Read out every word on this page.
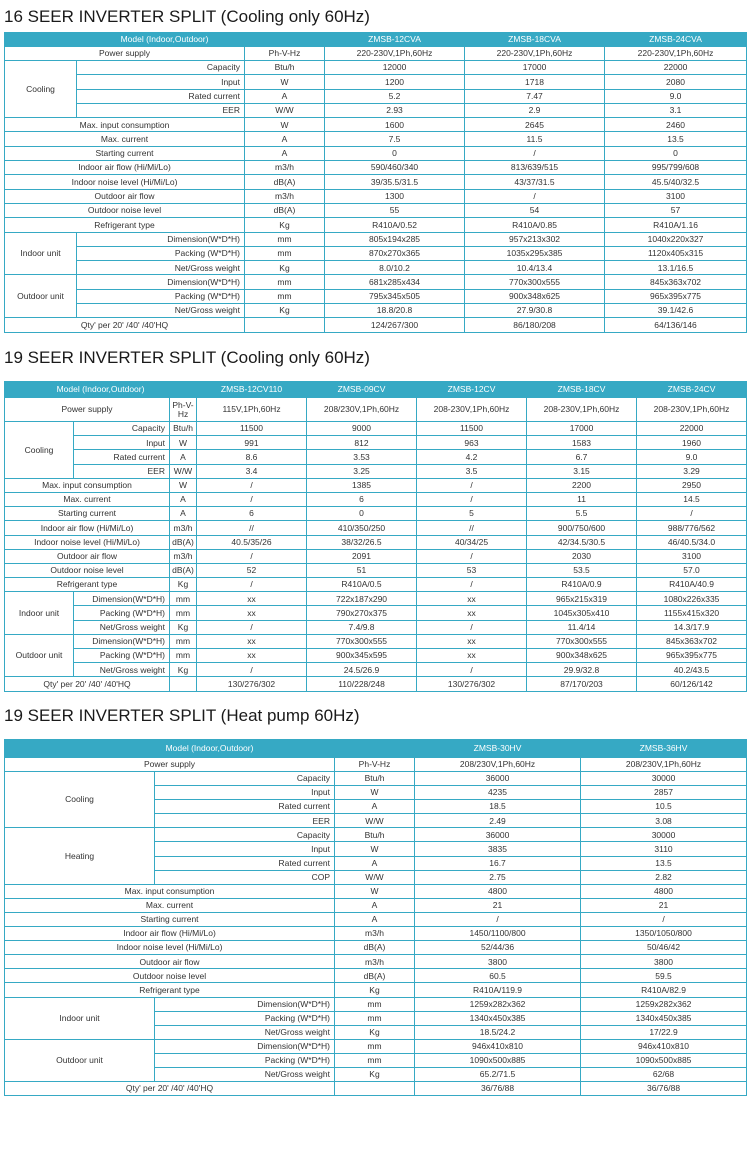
16 SEER INVERTER SPLIT (Cooling only 60Hz)
Model (Indoor,Outdoor)			ZMSB-12CVA	ZMSB-18CVA	ZMSB-24CVA
Power supply		Ph-V-Hz	220-230V,1Ph,60Hz	220-230V,1Ph,60Hz	220-230V,1Ph,60Hz
Cooling	Capacity	Btu/h	12000	17000	22000
	Input	W	1200	1718	2080
	Rated current	A	5.2	7.47	9.0
	EER	W/W	2.93	2.9	3.1
Max. input consumption		W	1600	2645	2460
Max. current		A	7.5	11.5	13.5
Starting current		A	0	/	0
Indoor air flow (Hi/Mi/Lo)		m3/h	590/460/340	813/639/515	995/799/608
Indoor noise level (Hi/Mi/Lo)		dB(A)	39/35.5/31.5	43/37/31.5	45.5/40/32.5
Outdoor air flow		m3/h	1300	/	3100
Outdoor noise level		dB(A)	55	54	57
Refrigerant type		Kg	R410A/0.52	R410A/0.85	R410A/1.16
Indoor unit	Dimension(W*D*H)	mm	805x194x285	957x213x302	1040x220x327
	Packing (W*D*H)	mm	870x270x365	1035x295x385	1120x405x315
	Net/Gross weight	Kg	8.0/10.2	10.4/13.4	13.1/16.5
Outdoor unit	Dimension(W*D*H)	mm	681x285x434	770x300x555	845x363x702
	Packing (W*D*H)	mm	795x345x505	900x348x625	965x395x775
	Net/Gross weight	Kg	18.8/20.8	27.9/30.8	39.1/42.6
Qty' per 20' /40' /40'HQ			124/267/300	86/180/208	64/136/146
19 SEER INVERTER SPLIT (Cooling only 60Hz)
Model (Indoor,Outdoor)			ZMSB-12CV110	ZMSB-09CV	ZMSB-12CV	ZMSB-18CV	ZMSB-24CV
Power supply		Ph-V-Hz	115V,1Ph,60Hz	208/230V,1Ph,60Hz	208-230V,1Ph,60Hz	208-230V,1Ph,60Hz	208-230V,1Ph,60Hz
Cooling	Capacity	Btu/h	11500	9000	11500	17000	22000
	Input	W	991	812	963	1583	1960
	Rated current	A	8.6	3.53	4.2	6.7	9.0
	EER	W/W	3.4	3.25	3.5	3.15	3.29
Max. input consumption		W	/	1385	/	2200	2950
Max. current		A	/	6	/	11	14.5
Starting current		A	6	0	5	5.5	/
Indoor air flow (Hi/Mi/Lo)		m3/h	//	410/350/250	//	900/750/600	988/776/562
Indoor noise level (Hi/Mi/Lo)		dB(A)	40.5/35/26	38/32/26.5	40/34/25	42/34.5/30.5	46/40.5/34.0
Outdoor air flow		m3/h	/	2091	/	2030	3100
Outdoor noise level		dB(A)	52	51	53	53.5	57.0
Refrigerant type		Kg	/	R410A/0.5	/	R410A/0.9	R410A/40.9
Indoor unit	Dimension(W*D*H)	mm	xx	722x187x290	xx	965x215x319	1080x226x335
	Packing (W*D*H)	mm	xx	790x270x375	xx	1045x305x410	1155x415x320
	Net/Gross weight	Kg	/	7.4/9.8	/	11.4/14	14.3/17.9
Outdoor unit	Dimension(W*D*H)	mm	xx	770x300x555	xx	770x300x555	845x363x702
	Packing (W*D*H)	mm	xx	900x345x595	xx	900x348x625	965x395x775
	Net/Gross weight	Kg	/	24.5/26.9	/	29.9/32.8	40.2/43.5
Qty' per 20' /40' /40'HQ			130/276/302	110/228/248	130/276/302	87/170/203	60/126/142
19 SEER INVERTER SPLIT (Heat pump 60Hz)
Model (Indoor,Outdoor)			ZMSB-30HV	ZMSB-36HV
Power supply		Ph-V-Hz	208/230V,1Ph,60Hz	208/230V,1Ph,60Hz
Cooling	Capacity	Btu/h	36000	30000
	Input	W	4235	2857
	Rated current	A	18.5	10.5
	EER	W/W	2.49	3.08
Heating	Capacity	Btu/h	36000	30000
	Input	W	3835	3110
	Rated current	A	16.7	13.5
	COP	W/W	2.75	2.82
Max. input consumption		W	4800	4800
Max. current		A	21	21
Starting current		A	/	/
Indoor air flow (Hi/Mi/Lo)		m3/h	1450/1100/800	1350/1050/800
Indoor noise level (Hi/Mi/Lo)		dB(A)	52/44/36	50/46/42
Outdoor air flow		m3/h	3800	3800
Outdoor noise level		dB(A)	60.5	59.5
Refrigerant type		Kg	R410A/119.9	R410A/82.9
Indoor unit	Dimension(W*D*H)	mm	1259x282x362	1259x282x362
	Packing (W*D*H)	mm	1340x450x385	1340x450x385
	Net/Gross weight	Kg	18.5/24.2	17/22.9
Outdoor unit	Dimension(W*D*H)	mm	946x410x810	946x410x810
	Packing (W*D*H)	mm	1090x500x885	1090x500x885
	Net/Gross weight	Kg	65.2/71.5	62/68
Qty' per 20' /40' /40'HQ			36/76/88	36/76/88
